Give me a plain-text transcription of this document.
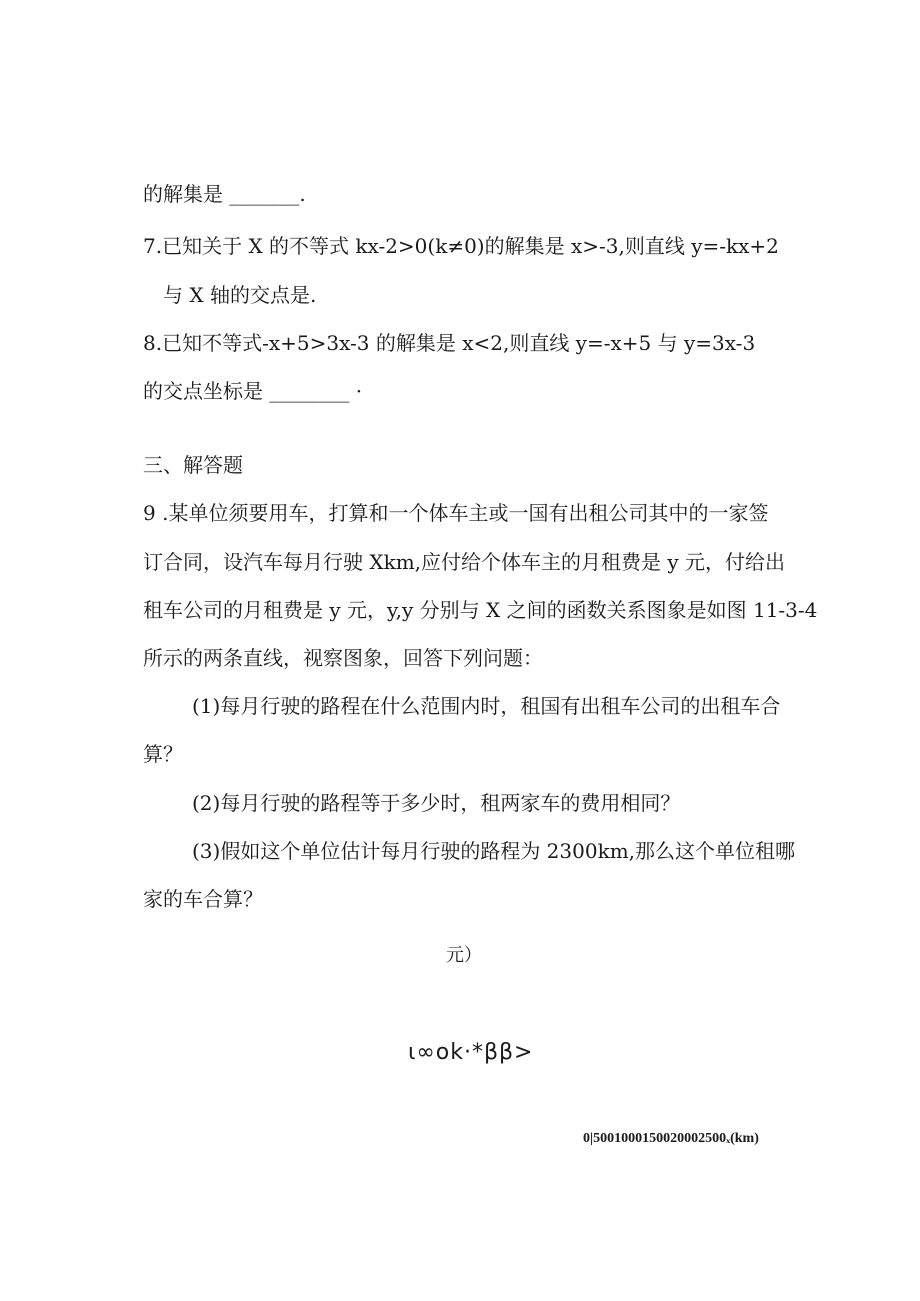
的解集是 _______.
7.已知关于 X 的不等式 kx-2>0(k≠0)的解集是 x>-3,则直线 y=-kx+2
与 X 轴的交点是.
8.已知不等式-x+5>3x-3 的解集是 x<2,则直线 y=-x+5 与 y=3x-3
的交点坐标是 ________ ·
三、解答题
9 .某单位须要用车，打算和一个体车主或一国有出租公司其中的一家签
订合同，设汽车每月行驶 Xkm,应付给个体车主的月租费是 y 元，付给出
租车公司的月租费是 y 元，y,y 分别与 X 之间的函数关系图象是如图 11-3-4
所示的两条直线，视察图象，回答下列问题：
(1)每月行驶的路程在什么范围内时，租国有出租车公司的出租车合
算？
(2)每月行驶的路程等于多少时，租两家车的费用相同？
(3)假如这个单位估计每月行驶的路程为 2300km,那么这个单位租哪
家的车合算？
元）
ι∞ok·*ββ>
0|5001000150020002500ₓ(km)
